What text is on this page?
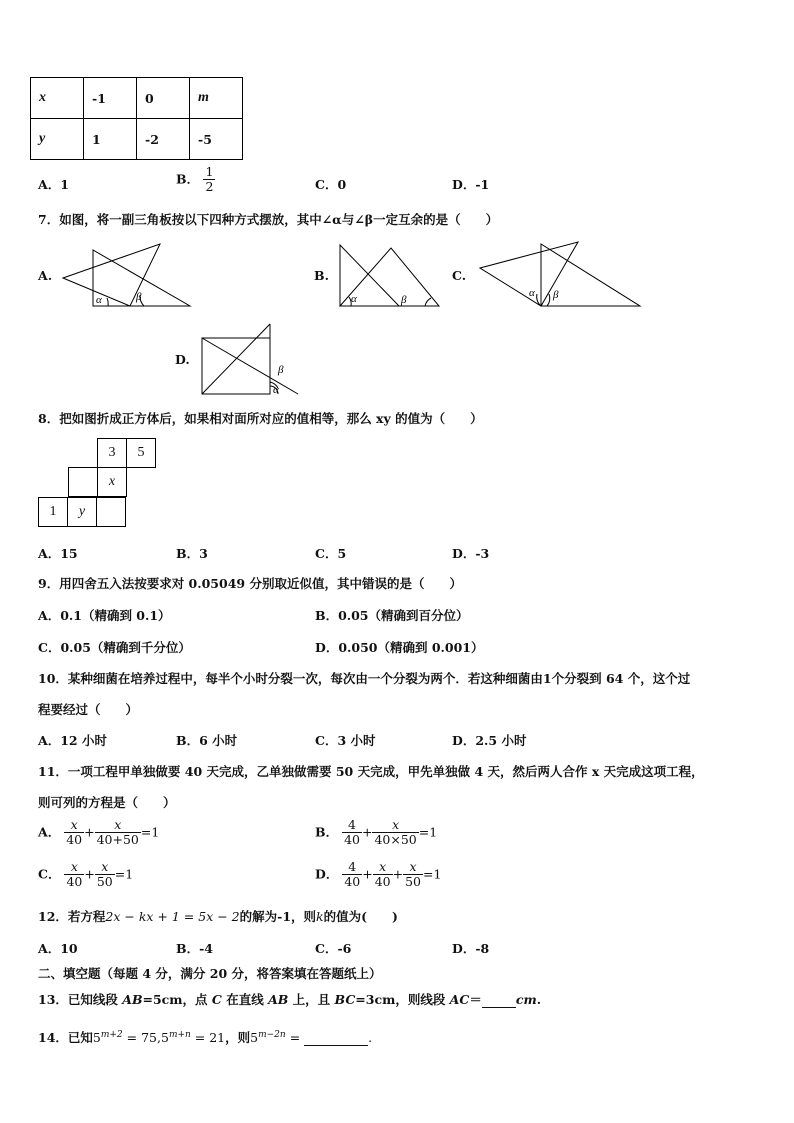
x	-1	0	m
y	1	-2	-5
A．1	B． $\frac{1}{2}$	C．0	D．-1
7．如图，将一副三角板按以下四种方式摆放，其中∠α与∠β一定互余的是（　　）
A.
α	β
B.
α	β
C.
α β
D.
β
α
8．把如图折成正方体后，如果相对面所对应的值相等，那么 xy 的值为（　　）
3	5
x
1	y
A．15	B．3	C．5	D．-3
9．用四舍五入法按要求对 0.05049 分别取近似值，其中错误的是（　　）
A．0.1（精确到 0.1）	B．0.05（精确到百分位）
C．0.05（精确到千分位）	D．0.050（精确到 0.001）
10．某种细菌在培养过程中，每半个小时分裂一次，每次由一个分裂为两个．若这种细菌由1个分裂到 64 个，这个过
程要经过（　　）
A．12 小时	B．6 小时	C．3 小时	D．2.5 小时
11．一项工程甲单独做要 40 天完成，乙单独做需要 50 天完成，甲先单独做 4 天，然后两人合作 x 天完成这项工程，
则可列的方程是（　　）
A． $\frac{x}{40} + \frac{x}{40+50} =1$	B． $\frac{4}{40} + \frac{x}{40\times 50} =1$
C． $\frac{x}{40} + \frac{x}{50} =1$	D． $\frac{4}{40} + \frac{x}{40} + \frac{x}{50} =1$
12．若方程2x − kx + 1 = 5x − 2的解为-1，则k的值为(　　)
A．10	B．-4	C．-6	D．-8
二、填空题（每题 4 分，满分 20 分，将答案填在答题纸上）
13．已知线段 AB=5cm，点 C 在直线 AB 上，且 BC=3cm，则线段 AC＝	cm.
14．已知$5^{m+2} = 75,5^{m+n} = 21$，则$5^{m-2n}$ =	.
